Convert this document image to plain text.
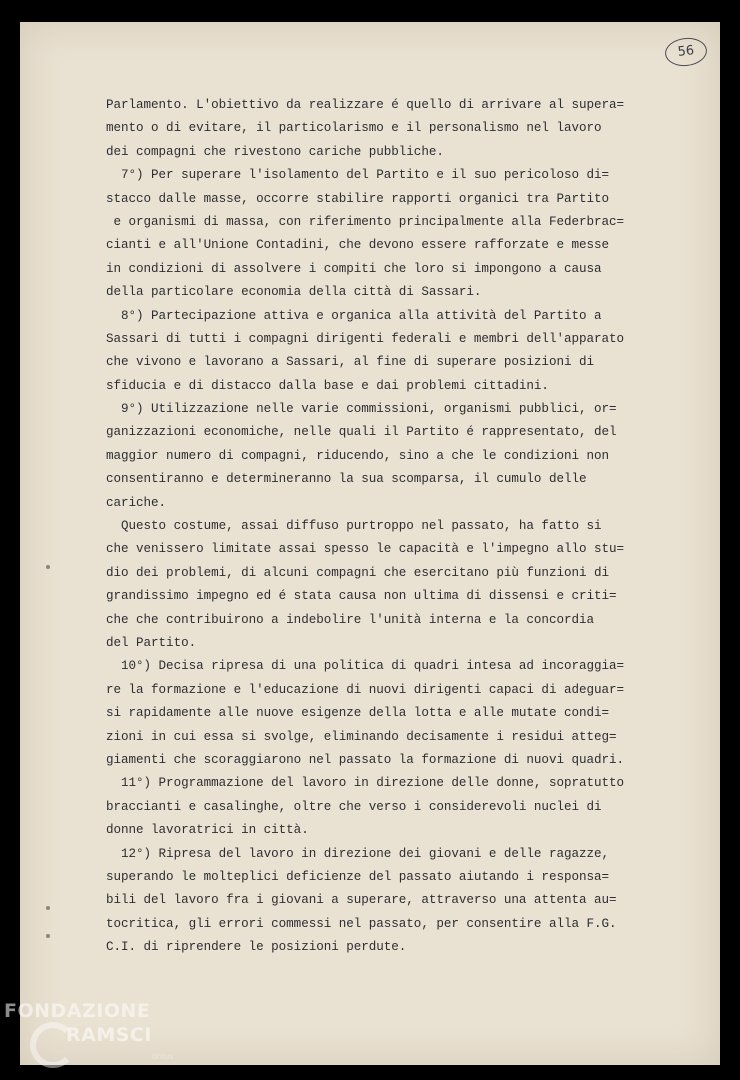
56
Parlamento. L'obiettivo da realizzare é quello di arrivare al supera=
mento o di evitare, il particolarismo e il personalismo nel lavoro
dei compagni che rivestono cariche pubbliche.
7°) Per superare l'isolamento del Partito e il suo pericoloso di=
stacco dalle masse, occorre stabilire rapporti organici tra Partito
e organismi di massa, con riferimento principalmente alla Federbrac=
cianti e all'Unione Contadini, che devono essere rafforzate e messe
in condizioni di assolvere i compiti che loro si impongono a causa
della particolare economia della città di Sassari.
8°) Partecipazione attiva e organica alla attività del Partito a
Sassari di tutti i compagni dirigenti federali e membri dell'apparato
che vivono e lavorano a Sassari, al fine di superare posizioni di
sfiducia e di distacco dalla base e dai problemi cittadini.
9°) Utilizzazione nelle varie commissioni, organismi pubblici, or=
ganizzazioni economiche, nelle quali il Partito é rappresentato, del
maggior numero di compagni, riducendo, sino a che le condizioni non
consentiranno e determineranno la sua scomparsa, il cumulo delle
cariche.
Questo costume, assai diffuso purtroppo nel passato, ha fatto si
che venissero limitate assai spesso le capacità e l'impegno allo stu=
dio dei problemi, di alcuni compagni che esercitano più funzioni di
grandissimo impegno ed é stata causa non ultima di dissensi e criti=
che che contribuirono a indebolire l'unità interna e la concordia
del Partito.
10°) Decisa ripresa di una politica di quadri intesa ad incoraggia=
re la formazione e l'educazione di nuovi dirigenti capaci di adeguar=
si rapidamente alle nuove esigenze della lotta e alle mutate condi=
zioni in cui essa si svolge, eliminando decisamente i residui atteg=
giamenti che scoraggiarono nel passato la formazione di nuovi quadri.
11°) Programmazione del lavoro in direzione delle donne, sopratutto
braccianti e casalinghe, oltre che verso i considerevoli nuclei di
donne lavoratrici in città.
12°) Ripresa del lavoro in direzione dei giovani e delle ragazze,
superando le molteplici deficienze del passato aiutando i responsa=
bili del lavoro fra i giovani a superare, attraverso una attenta au=
tocritica, gli errori commessi nel passato, per consentire alla F.G.
C.I. di riprendere le posizioni perdute.
FONDAZIONE
RAMSCI
onlus
